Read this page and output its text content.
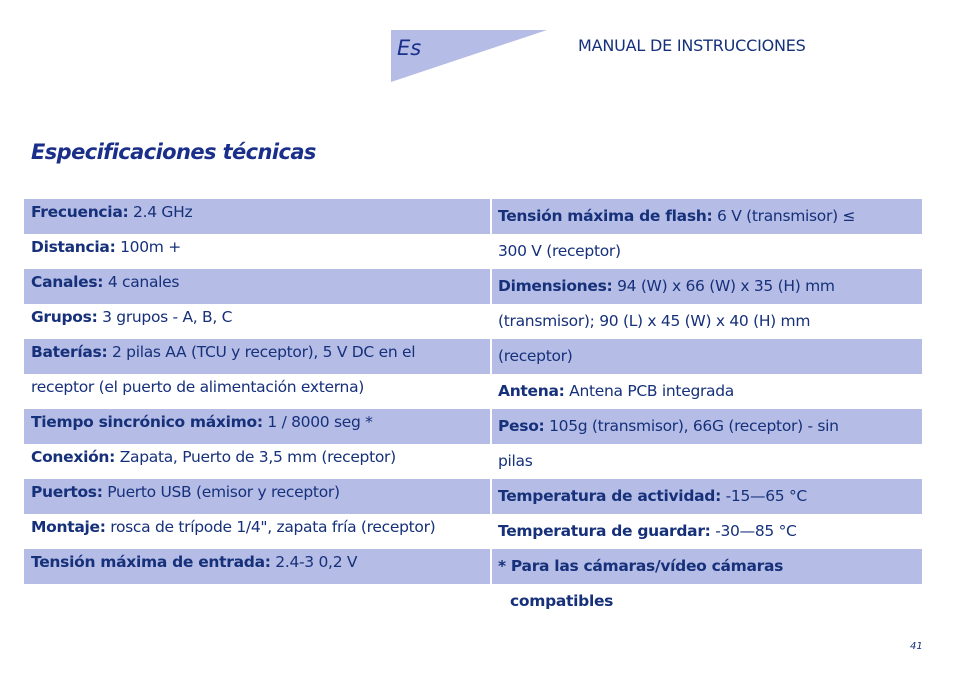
Es	MANUAL DE INSTRUCCIONES
Especificaciones técnicas
Frecuencia: 2.4 GHz
Distancia: 100m +
Canales: 4 canales
Grupos: 3 grupos - A, B, C
Baterías: 2 pilas AA (TCU y receptor), 5 V DC en el
receptor (el puerto de alimentación externa)
Tiempo sincrónico máximo: 1 / 8000 seg *
Conexión: Zapata, Puerto de 3,5 mm (receptor)
Puertos: Puerto USB (emisor y receptor)
Montaje: rosca de trípode 1/4", zapata fría (receptor)
Tensión máxima de entrada: 2.4-3 0,2 V
Tensión máxima de flash: 6 V (transmisor) ≤
300 V (receptor)
Dimensiones: 94 (W) x 66 (W) x 35 (H) mm
(transmisor); 90 (L) x 45 (W) x 40 (H) mm
(receptor)
Antena: Antena PCB integrada
Peso: 105g (transmisor), 66G (receptor) - sin
pilas
Temperatura de actividad: -15—65 °C
Temperatura de guardar: -30—85 °C
* Para las cámaras/vídeo cámaras
compatibles
41
